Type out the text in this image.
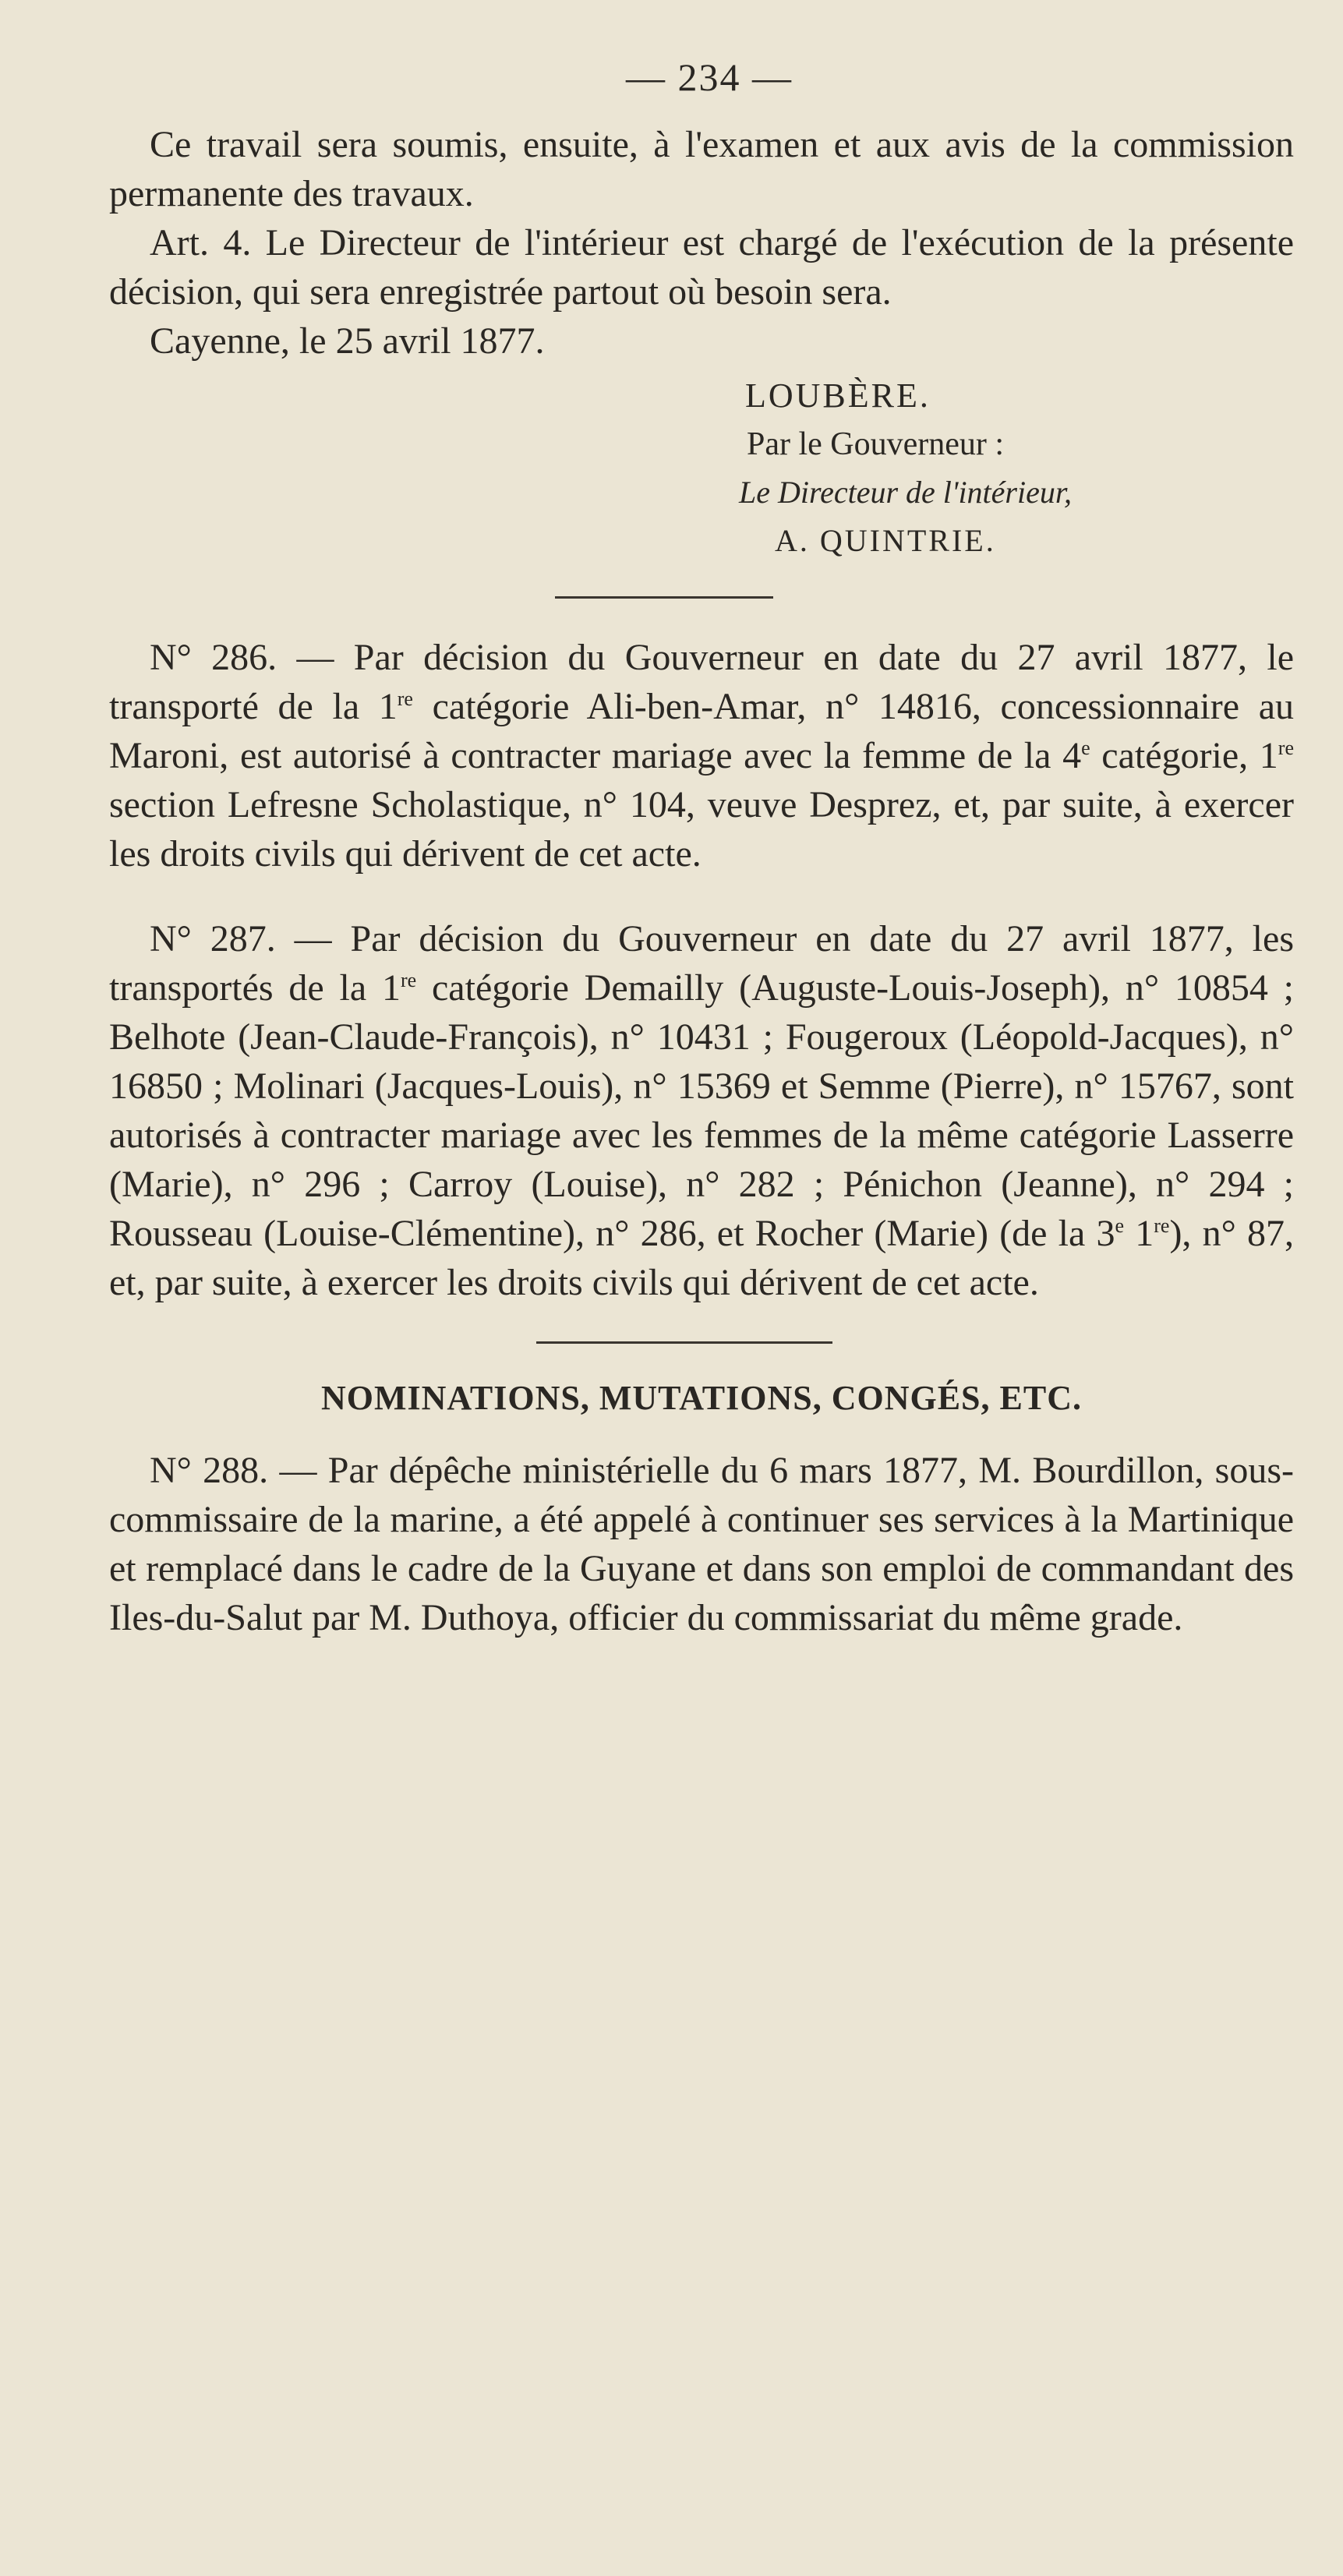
— 234 —

Ce travail sera soumis, ensuite, à l'examen et aux avis de la commission permanente des travaux.

Art. 4. Le Directeur de l'intérieur est chargé de l'exécution de la présente décision, qui sera enregistrée partout où besoin sera.

Cayenne, le 25 avril 1877.

LOUBÈRE.
Par le Gouverneur :
Le Directeur de l'intérieur,
A. QUINTRIE.

N° 286. — Par décision du Gouverneur en date du 27 avril 1877, le transporté de la 1re catégorie Ali-ben-Amar, n° 14816, concessionnaire au Maroni, est autorisé à contracter mariage avec la femme de la 4e catégorie, 1re section Lefresne Scholastique, n° 104, veuve Desprez, et, par suite, à exercer les droits civils qui dérivent de cet acte.

N° 287. — Par décision du Gouverneur en date du 27 avril 1877, les transportés de la 1re catégorie Demailly (Auguste-Louis-Joseph), n° 10854 ; Belhote (Jean-Claude-François), n° 10431 ; Fougeroux (Léopold-Jacques), n° 16850 ; Molinari (Jacques-Louis), n° 15369 et Semme (Pierre), n° 15767, sont autorisés à contracter mariage avec les femmes de la même catégorie Lasserre (Marie), n° 296 ; Carroy (Louise), n° 282 ; Pénichon (Jeanne), n° 294 ; Rousseau (Louise-Clémentine), n° 286, et Rocher (Marie) (de la 3e 1re), n° 87, et, par suite, à exercer les droits civils qui dérivent de cet acte.

NOMINATIONS, MUTATIONS, CONGÉS, ETC.

N° 288. — Par dépêche ministérielle du 6 mars 1877, M. Bourdillon, sous-commissaire de la marine, a été appelé à continuer ses services à la Martinique et remplacé dans le cadre de la Guyane et dans son emploi de commandant des Iles-du-Salut par M. Duthoya, officier du commissariat du même grade.
